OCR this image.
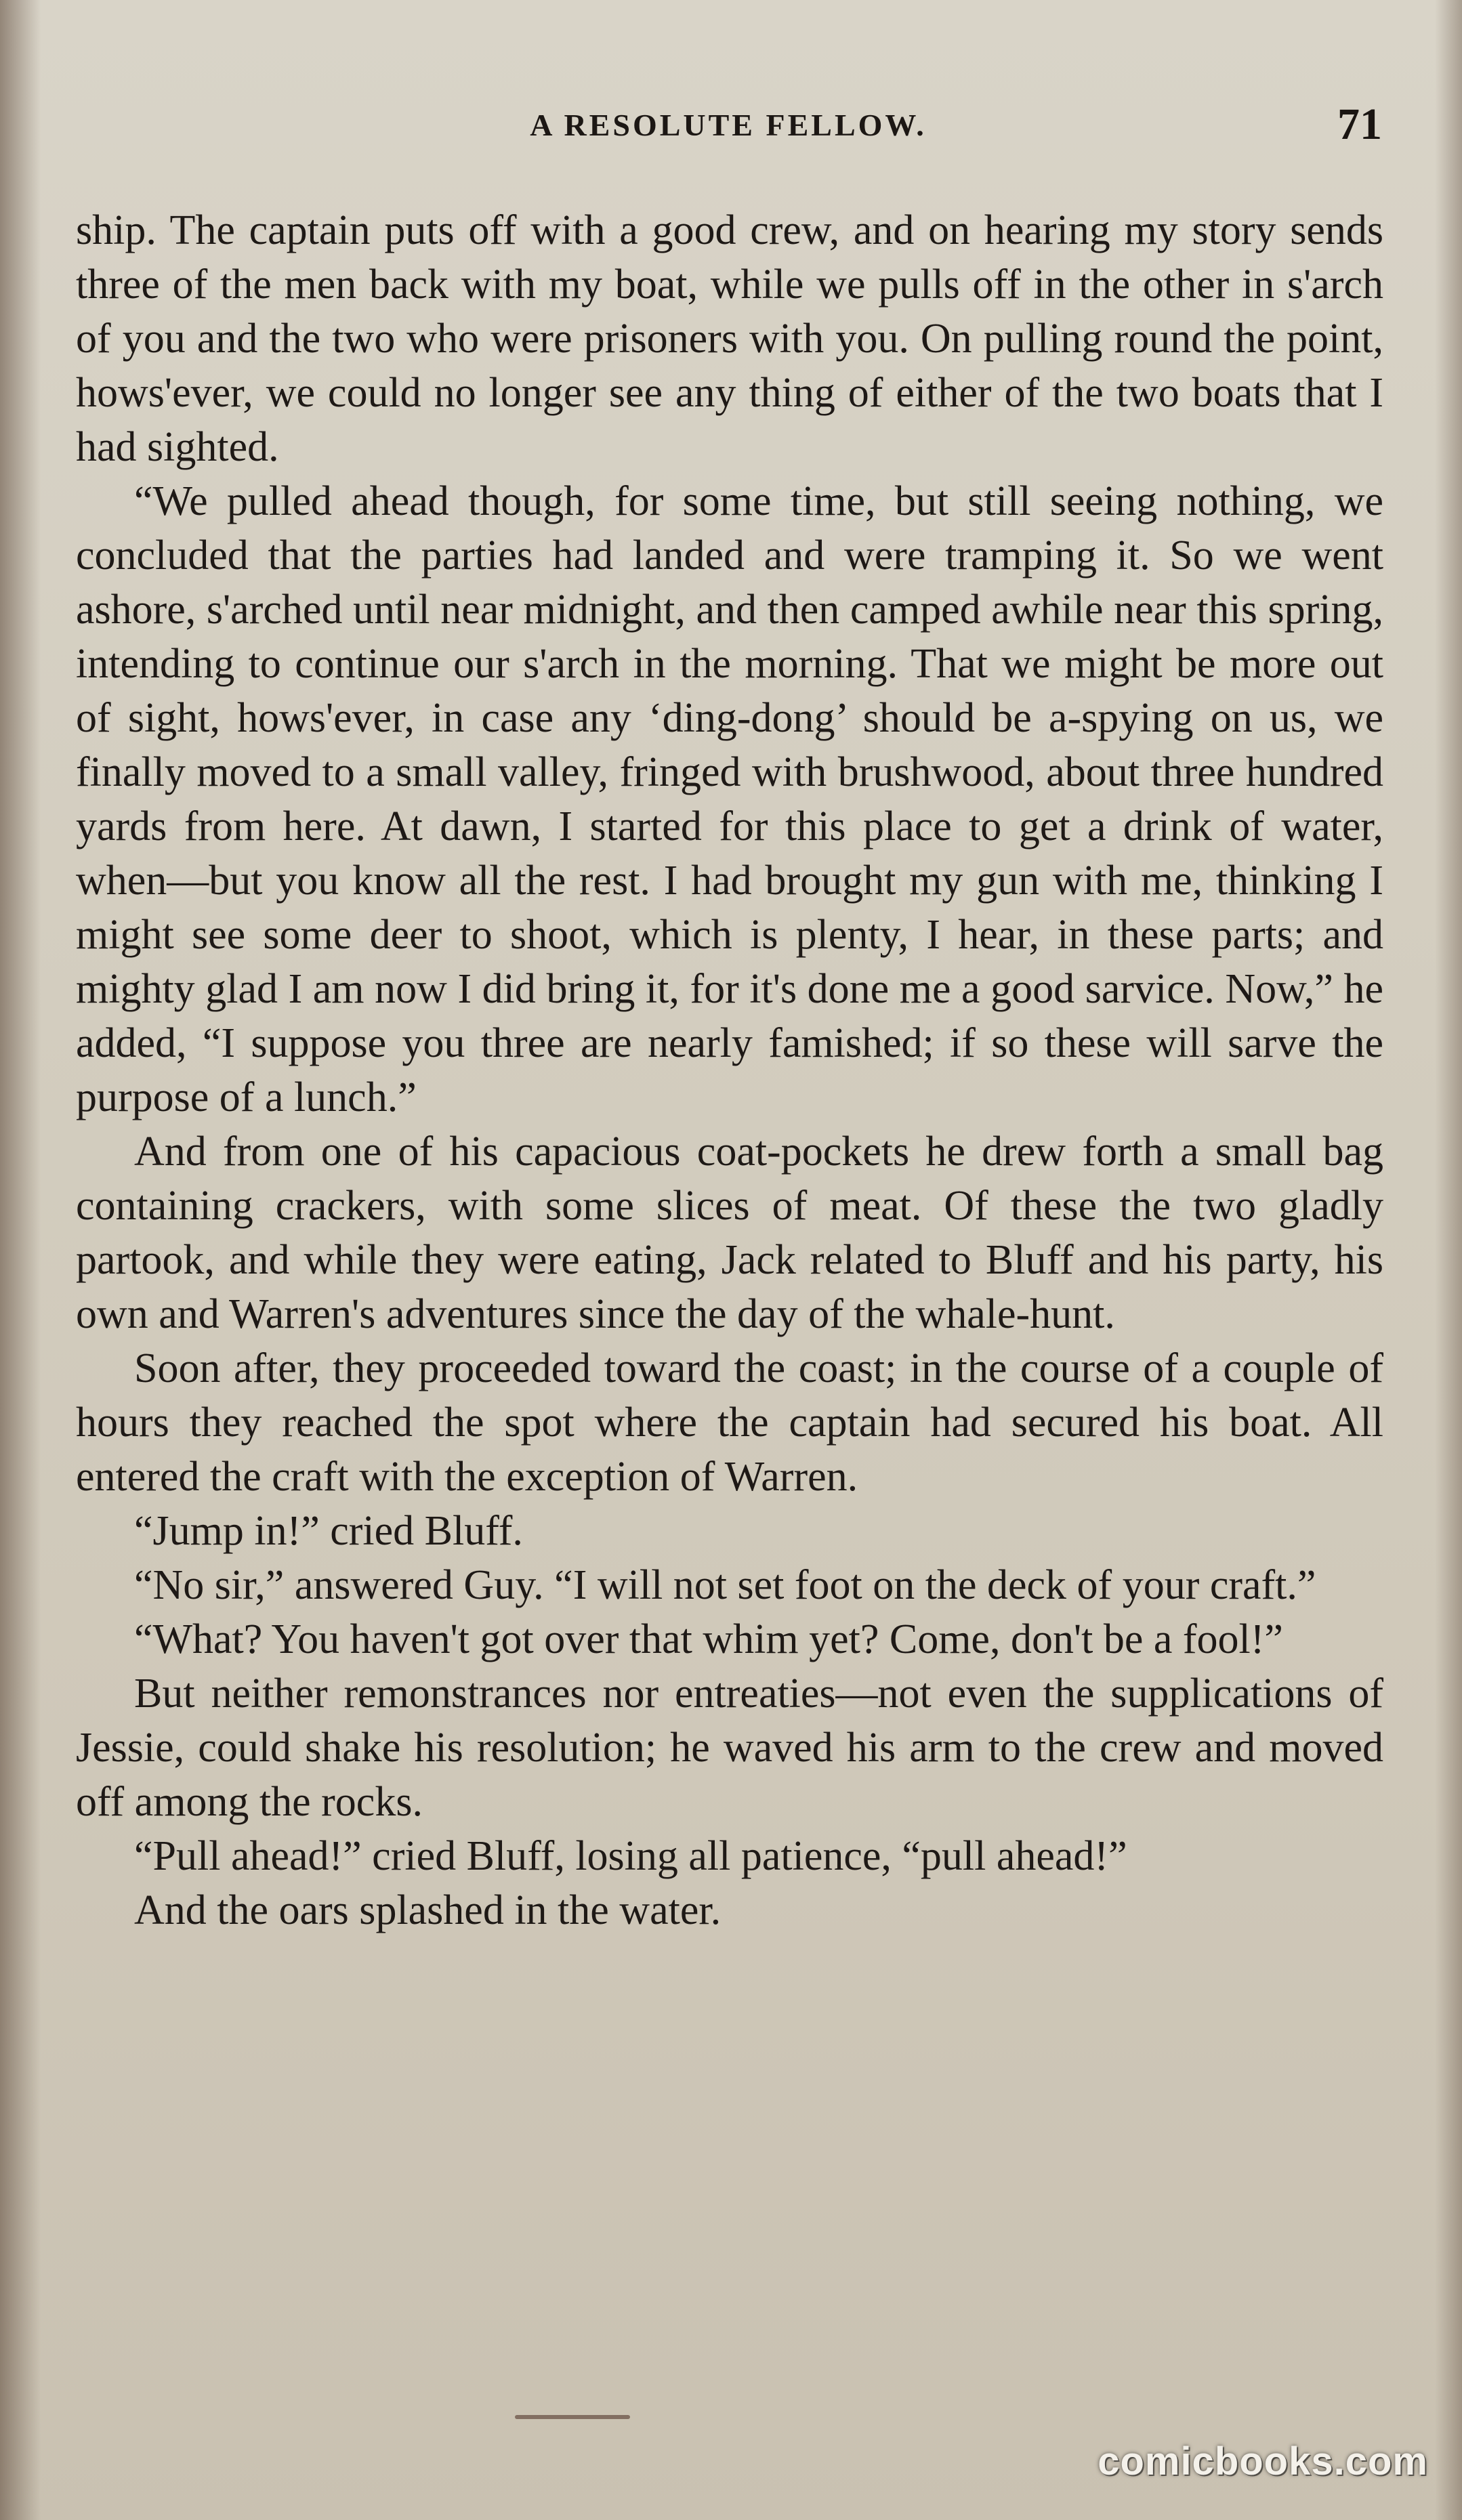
A RESOLUTE FELLOW.	71

ship. The captain puts off with a good crew, and on hearing my story sends three of the men back with my boat, while we pulls off in the other in s'arch of you and the two who were prisoners with you. On pulling round the point, hows'ever, we could no longer see any thing of either of the two boats that I had sighted.

“We pulled ahead though, for some time, but still seeing nothing, we concluded that the parties had landed and were tramping it. So we went ashore, s'arched until near midnight, and then camped awhile near this spring, intending to continue our s'arch in the morning. That we might be more out of sight, hows'ever, in case any ‘ding-dong’ should be a-spying on us, we finally moved to a small valley, fringed with brushwood, about three hundred yards from here. At dawn, I started for this place to get a drink of water, when—but you know all the rest. I had brought my gun with me, thinking I might see some deer to shoot, which is plenty, I hear, in these parts; and mighty glad I am now I did bring it, for it's done me a good sarvice. Now,” he added, “I suppose you three are nearly famished; if so these will sarve the purpose of a lunch.”

And from one of his capacious coat-pockets he drew forth a small bag containing crackers, with some slices of meat. Of these the two gladly partook, and while they were eating, Jack related to Bluff and his party, his own and Warren's adventures since the day of the whale-hunt.

Soon after, they proceeded toward the coast; in the course of a couple of hours they reached the spot where the captain had secured his boat. All entered the craft with the exception of Warren.

“Jump in!” cried Bluff.

“No sir,” answered Guy. “I will not set foot on the deck of your craft.”

“What? You haven't got over that whim yet? Come, don't be a fool!”

But neither remonstrances nor entreaties—not even the supplications of Jessie, could shake his resolution; he waved his arm to the crew and moved off among the rocks.

“Pull ahead!” cried Bluff, losing all patience, “pull ahead!”

And the oars splashed in the water.

comicbooks.com
